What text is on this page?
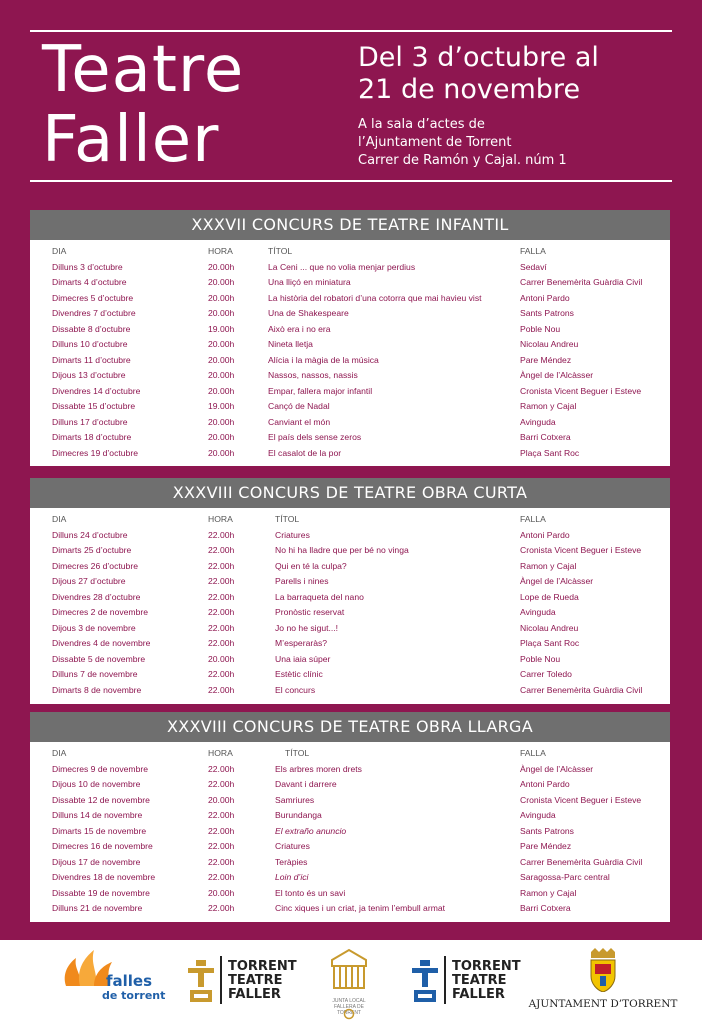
Teatre
Faller
Del 3 d’octubre al
21 de novembre
A la sala d’actes de
l’Ajuntament de Torrent
Carrer de Ramón y Cajal. núm 1
XXXVII CONCURS DE TEATRE INFANTIL
DIA	HORA	TÍTOL	FALLA
Dilluns 3 d’octubre	20.00h	La Ceni ... que no volia menjar perdius	Sedaví
Dimarts 4 d’octubre	20.00h	Una lliçó en miniatura	Carrer Benemèrita Guàrdia Civil
Dimecres 5 d’octubre	20.00h	La història del robatori d’una cotorra que mai havieu vist	Antoni Pardo
Divendres 7 d’octubre	20.00h	Una de Shakespeare	Sants Patrons
Dissabte 8 d’octubre	19.00h	Això era i no era	Poble Nou
Dilluns 10 d’octubre	20.00h	Nineta lletja	Nicolau Andreu
Dimarts 11 d’octubre	20.00h	Alícia i la màgia de la música	Pare Méndez
Dijous 13 d’octubre	20.00h	Nassos, nassos, nassis	Àngel de l’Alcàsser
Divendres 14 d’octubre	20.00h	Empar, fallera major infantil	Cronista Vicent Beguer i Esteve
Dissabte 15 d’octubre	19.00h	Cançó de Nadal	Ramon y Cajal
Dilluns 17 d’octubre	20.00h	Canviant el món	Avinguda
Dimarts 18 d’octubre	20.00h	El país dels sense zeros	Barri Cotxera
Dimecres 19 d’octubre	20.00h	El casalot de la por	Plaça Sant Roc
XXXVIII CONCURS DE TEATRE OBRA CURTA
DIA	HORA	TÍTOL	FALLA
Dilluns 24 d’octubre	22.00h	Criatures	Antoni Pardo
Dimarts 25 d’octubre	22.00h	No hi ha lladre que per bé no vinga	Cronista Vicent Beguer i Esteve
Dimecres 26 d’octubre	22.00h	Qui en té la culpa?	Ramon y Cajal
Dijous 27 d’octubre	22.00h	Parells i nines	Àngel de l’Alcàsser
Divendres 28 d’octubre	22.00h	La barraqueta del nano	Lope de Rueda
Dimecres 2 de novembre	22.00h	Pronòstic reservat	Avinguda
Dijous 3 de novembre	22.00h	Jo no he sigut...!	Nicolau Andreu
Divendres 4 de novembre	22.00h	M’esperaràs?	Plaça Sant Roc
Dissabte 5 de novembre	20.00h	Una iaia súper	Poble Nou
Dilluns 7 de novembre	22.00h	Estètic clínic	Carrer Toledo
Dimarts 8 de novembre	22.00h	El concurs	Carrer Benemèrita Guàrdia Civil
XXXVIII CONCURS DE TEATRE OBRA LLARGA
DIA	HORA	TÍTOL	FALLA
Dimecres 9 de novembre	22.00h	Els arbres moren drets	Àngel de l’Alcàsser
Dijous 10 de novembre	22.00h	Davant i darrere	Antoni Pardo
Dissabte 12 de novembre	20.00h	Samriures	Cronista Vicent Beguer i Esteve
Dilluns 14 de novembre	22.00h	Burundanga	Avinguda
Dimarts 15 de novembre	22.00h	El extraño anuncio	Sants Patrons
Dimecres 16 de novembre	22.00h	Criatures	Pare Méndez
Dijous 17 de novembre	22.00h	Teràpies	Carrer Benemèrita Guàrdia Civil
Divendres 18 de novembre	22.00h	Loin d’ici	Saragossa-Parc central
Dissabte 19 de novembre	20.00h	El tonto és un savi	Ramon y Cajal
Dilluns 21 de novembre	22.00h	Cinc xiques i un criat, ja tenim l’embull armat	Barri Cotxera
falles
de torrent
TORRENT
TEATRE
FALLER	JUNTA LOCAL FALLERA DE TORRENT
TORRENT
TEATRE
FALLER
AJUNTAMENT D’TORRENT
